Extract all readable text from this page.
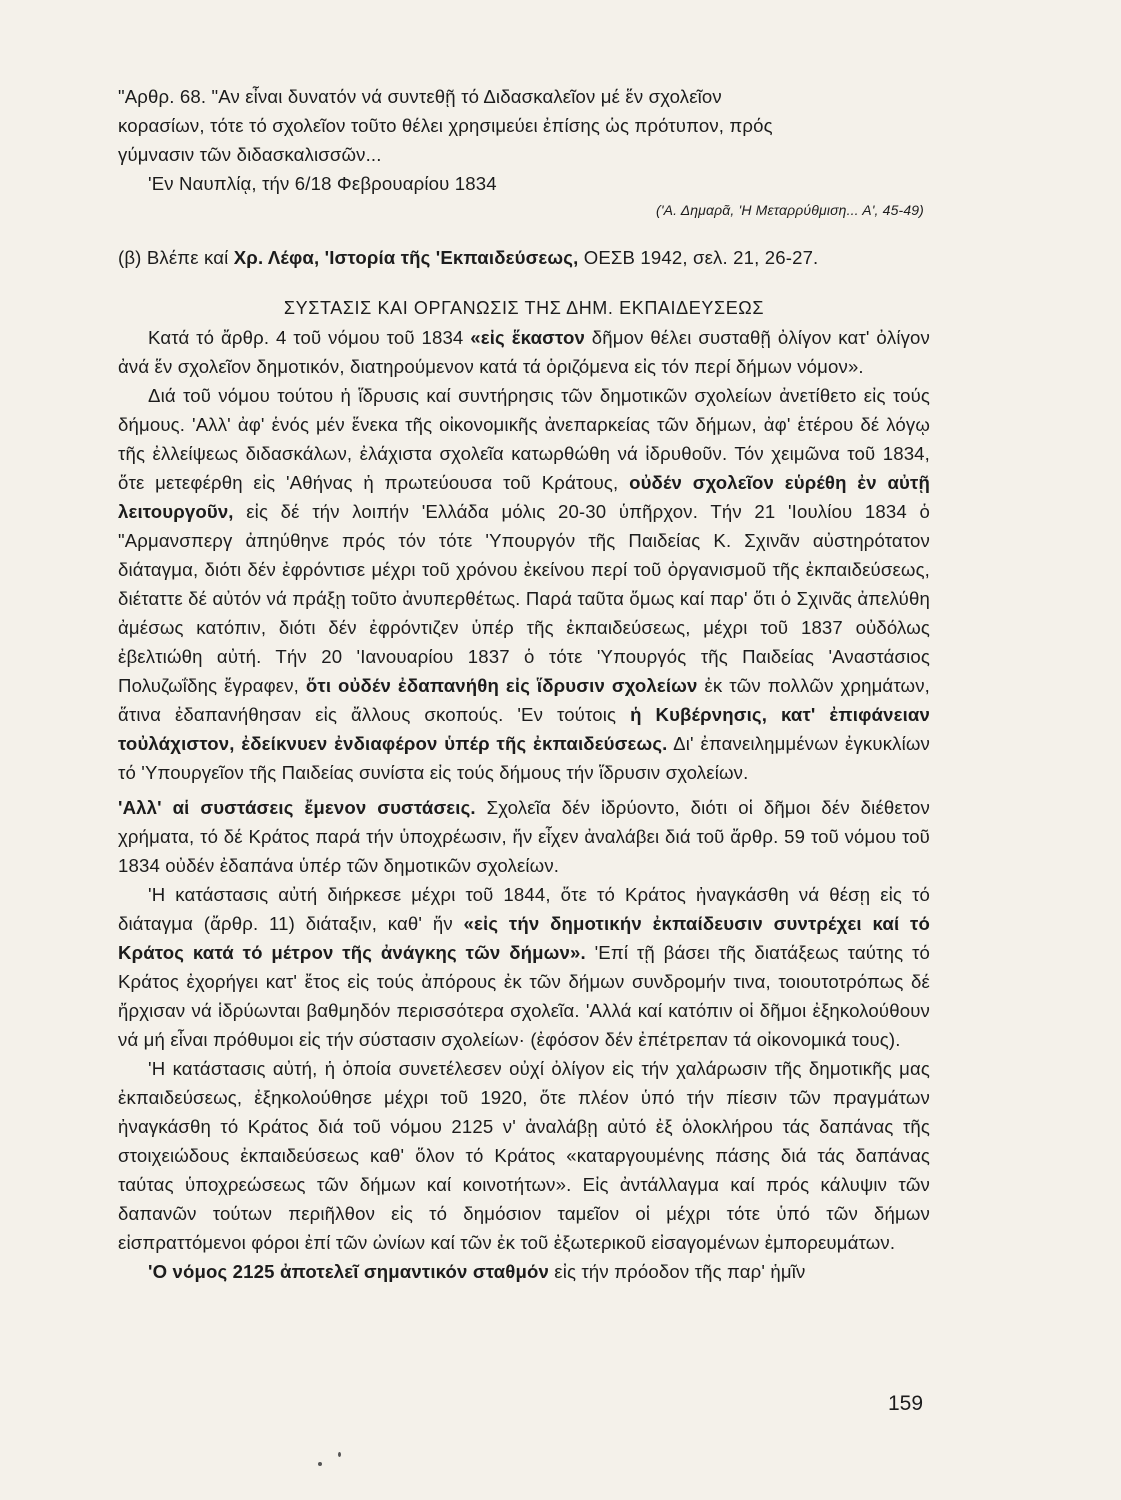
"Αρθρ. 68. "Αν εἶναι δυνατόν νά συντεθῇ τό Διδασκαλεῖον μέ ἕν σχολεῖον

κορασίων, τότε τό σχολεῖον τοῦτο θέλει χρησιμεύει ἐπίσης ὡς πρότυπον, πρός

γύμνασιν τῶν διδασκαλισσῶν...

'Εν Ναυπλίᾳ, τήν 6/18 Φεβρουαρίου 1834

('Α. Δημαρᾶ, 'Η Μεταρρύθμιση... Α', 45-49)

(β) Βλέπε καί Χρ. Λέφα, 'Ιστορία τῆς 'Εκπαιδεύσεως, ΟΕΣΒ 1942, σελ. 21, 26-27.

ΣΥΣΤΑΣΙΣ ΚΑΙ ΟΡΓΑΝΩΣΙΣ ΤΗΣ ΔΗΜ. ΕΚΠΑΙΔΕΥΣΕΩΣ

Κατά τό ἄρθρ. 4 τοῦ νόμου τοῦ 1834 «εἰς ἕκαστον δῆμον θέλει συσταθῇ ὀλίγον κατ' ὀλίγον ἀνά ἕν σχολεῖον δημοτικόν, διατηρούμενον κατά τά ὁριζόμενα εἰς τόν περί δήμων νόμον».

Διά τοῦ νόμου τούτου ἡ ἵδρυσις καί συντήρησις τῶν δημοτικῶν σχολείων ἀνετίθετο εἰς τούς δήμους. 'Αλλ' ἀφ' ἑνός μέν ἕνεκα τῆς οἰκονομικῆς ἀνεπαρκείας τῶν δήμων, ἀφ' ἑτέρου δέ λόγῳ τῆς ἐλλείψεως διδασκάλων, ἐλάχιστα σχολεῖα κατωρθώθη νά ἱδρυθοῦν. Τόν χειμῶνα τοῦ 1834, ὅτε μετεφέρθη εἰς 'Αθήνας ἡ πρωτεύουσα τοῦ Κράτους, οὐδέν σχολεῖον εὑρέθη ἐν αὐτῇ λειτουργοῦν, εἰς δέ τήν λοιπήν 'Ελλάδα μόλις 20-30 ὑπῆρχον. Τήν 21 'Ιουλίου 1834 ὁ "Αρμανσπεργ ἀπηύθηνε πρός τόν τότε 'Υπουργόν τῆς Παιδείας Κ. Σχινᾶν αὐστηρότατον διάταγμα, διότι δέν ἐφρόντισε μέχρι τοῦ χρόνου ἐκείνου περί τοῦ ὀργανισμοῦ τῆς ἐκπαιδεύσεως, διέταττε δέ αὐτόν νά πράξῃ τοῦτο ἀνυπερθέτως. Παρά ταῦτα ὅμως καί παρ' ὅτι ὁ Σχινᾶς ἀπελύθη ἀμέσως κατόπιν, διότι δέν ἐφρόντιζεν ὑπέρ τῆς ἐκπαιδεύσεως, μέχρι τοῦ 1837 οὐδόλως ἐβελτιώθη αὐτή. Τήν 20 'Ιανουαρίου 1837 ὁ τότε 'Υπουργός τῆς Παιδείας 'Αναστάσιος Πολυζωΐδης ἔγραφεν, ὅτι οὐδέν ἐδαπανήθη εἰς ἵδρυσιν σχολείων ἐκ τῶν πολλῶν χρημάτων, ἅτινα ἐδαπανήθησαν εἰς ἄλλους σκοπούς. 'Εν τούτοις ἡ Κυβέρνησις, κατ' ἐπιφάνειαν τοὐλάχιστον, ἐδείκνυεν ἐνδιαφέρον ὑπέρ τῆς ἐκπαιδεύσεως. Δι' ἐπανειλημμένων ἐγκυκλίων τό 'Υπουργεῖον τῆς Παιδείας συνίστα εἰς τούς δήμους τήν ἵδρυσιν σχολείων.

'Αλλ' αἱ συστάσεις ἔμενον συστάσεις. Σχολεῖα δέν ἱδρύοντο, διότι οἱ δῆμοι δέν διέθετον χρήματα, τό δέ Κράτος παρά τήν ὑποχρέωσιν, ἥν εἶχεν ἀναλάβει διά τοῦ ἄρθρ. 59 τοῦ νόμου τοῦ 1834 οὐδέν ἐδαπάνα ὑπέρ τῶν δημοτικῶν σχολείων.

'Η κατάστασις αὐτή διήρκεσε μέχρι τοῦ 1844, ὅτε τό Κράτος ἠναγκάσθη νά θέσῃ εἰς τό διάταγμα (ἄρθρ. 11) διάταξιν, καθ' ἥν «εἰς τήν δημοτικήν ἐκπαίδευσιν συντρέχει καί τό Κράτος κατά τό μέτρον τῆς ἀνάγκης τῶν δήμων». 'Επί τῇ βάσει τῆς διατάξεως ταύτης τό Κράτος ἐχορήγει κατ' ἔτος εἰς τούς ἀπόρους ἐκ τῶν δήμων συνδρομήν τινα, τοιουτοτρόπως δέ ἤρχισαν νά ἱδρύωνται βαθμηδόν περισσότερα σχολεῖα. 'Αλλά καί κατόπιν οἱ δῆμοι ἐξηκολούθουν νά μή εἶναι πρόθυμοι εἰς τήν σύστασιν σχολείων· (ἐφόσον δέν ἐπέτρεπαν τά οἰκονομικά τους).

'Η κατάστασις αὐτή, ἡ ὁποία συνετέλεσεν οὐχί ὀλίγον εἰς τήν χαλάρωσιν τῆς δημοτικῆς μας ἐκπαιδεύσεως, ἐξηκολούθησε μέχρι τοῦ 1920, ὅτε πλέον ὑπό τήν πίεσιν τῶν πραγμάτων ἠναγκάσθη τό Κράτος διά τοῦ νόμου 2125 ν' ἀναλάβῃ αὐτό ἐξ ὁλοκλήρου τάς δαπάνας τῆς στοιχειώδους ἐκπαιδεύσεως καθ' ὅλον τό Κράτος «καταργουμένης πάσης διά τάς δαπάνας ταύτας ὑποχρεώσεως τῶν δήμων καί κοινοτήτων». Εἰς ἀντάλλαγμα καί πρός κάλυψιν τῶν δαπανῶν τούτων περιῆλθον εἰς τό δημόσιον ταμεῖον οἱ μέχρι τότε ὑπό τῶν δήμων εἰσπραττόμενοι φόροι ἐπί τῶν ὠνίων καί τῶν ἐκ τοῦ ἐξωτερικοῦ εἰσαγομένων ἐμπορευμάτων.

'Ο νόμος 2125 ἀποτελεῖ σημαντικόν σταθμόν εἰς τήν πρόοδον τῆς παρ' ἡμῖν

159
